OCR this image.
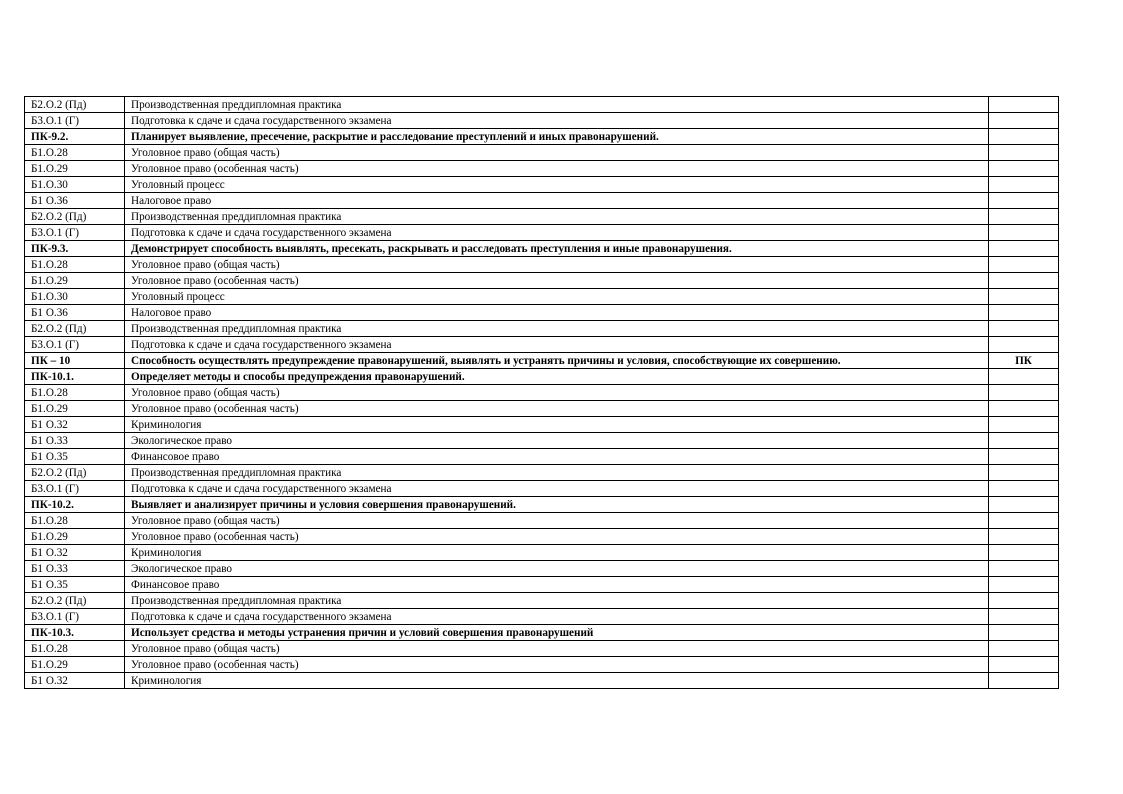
Б2.О.2 (Пд)	Производственная преддипломная практика	
Б3.О.1 (Г)	Подготовка к сдаче и сдача государственного экзамена	
ПК-9.2.	Планирует выявление, пресечение, раскрытие и расследование преступлений и иных правонарушений.	
Б1.О.28	Уголовное право (общая часть)	
Б1.О.29	Уголовное право (особенная часть)	
Б1.О.30	Уголовный процесс	
Б1 О.36	Налоговое право	
Б2.О.2 (Пд)	Производственная преддипломная практика	
Б3.О.1 (Г)	Подготовка к сдаче и сдача государственного экзамена	
ПК-9.3.	Демонстрирует способность выявлять, пресекать, раскрывать и расследовать преступления и иные правонарушения.	
Б1.О.28	Уголовное право (общая часть)	
Б1.О.29	Уголовное право (особенная часть)	
Б1.О.30	Уголовный процесс	
Б1 О.36	Налоговое право	
Б2.О.2 (Пд)	Производственная преддипломная практика	
Б3.О.1 (Г)	Подготовка к сдаче и сдача государственного экзамена	
ПК – 10	Способность осуществлять предупреждение правонарушений, выявлять и устранять причины и условия, способствующие их совершению.	ПК
ПК-10.1.	Определяет методы и способы предупреждения правонарушений.	
Б1.О.28	Уголовное право (общая часть)	
Б1.О.29	Уголовное право (особенная часть)	
Б1 О.32	Криминология	
Б1 О.33	Экологическое право	
Б1 О.35	Финансовое право	
Б2.О.2 (Пд)	Производственная преддипломная практика	
Б3.О.1 (Г)	Подготовка к сдаче и сдача государственного экзамена	
ПК-10.2.	Выявляет и анализирует причины и условия совершения правонарушений.	
Б1.О.28	Уголовное право (общая часть)	
Б1.О.29	Уголовное право (особенная часть)	
Б1 О.32	Криминология	
Б1 О.33	Экологическое право	
Б1 О.35	Финансовое право	
Б2.О.2 (Пд)	Производственная преддипломная практика	
Б3.О.1 (Г)	Подготовка к сдаче и сдача государственного экзамена	
ПК-10.3.	Использует средства и методы устранения причин и условий совершения правонарушений	
Б1.О.28	Уголовное право (общая часть)	
Б1.О.29	Уголовное право (особенная часть)	
Б1 О.32	Криминология	
